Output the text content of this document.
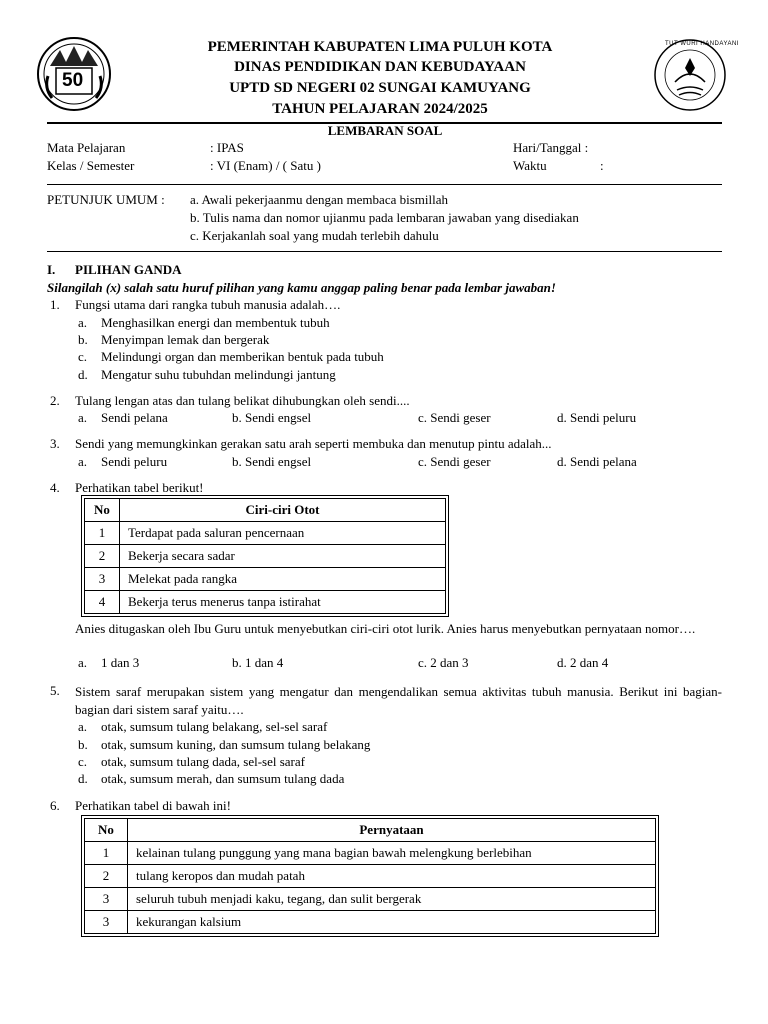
50
TUT WURI HANDAYANI
PEMERINTAH KABUPATEN LIMA PULUH KOTA
DINAS PENDIDIKAN DAN KEBUDAYAAN
UPTD SD NEGERI 02 SUNGAI KAMUYANG
TAHUN PELAJARAN 2024/2025
LEMBARAN SOAL
Mata Pelajaran	: IPAS
Kelas / Semester	: VI (Enam) / ( Satu )
Hari/Tanggal :
Waktu	:
PETUNJUK UMUM : a. Awali pekerjaanmu dengan membaca bismillah
b. Tulis nama dan nomor ujianmu pada lembaran jawaban yang disediakan
c. Kerjakanlah soal yang mudah terlebih dahulu
I. PILIHAN GANDA
Silangilah (x) salah satu huruf pilihan yang kamu anggap paling benar pada lembar jawaban!
1. Fungsi utama dari rangka tubuh manusia adalah….
a. Menghasilkan energi dan membentuk tubuh
b. Menyimpan lemak dan bergerak
c. Melindungi organ dan memberikan bentuk pada tubuh
d. Mengatur suhu tubuhdan melindungi jantung
2. Tulang lengan atas dan tulang belikat dihubungkan oleh sendi....
a. Sendi pelana	b. Sendi engsel	c. Sendi geser	d. Sendi peluru
3. Sendi yang memungkinkan gerakan satu arah seperti membuka dan menutup pintu adalah...
a. Sendi peluru	b. Sendi engsel	c. Sendi geser	d. Sendi pelana
4. Perhatikan tabel berikut!
No	Ciri-ciri Otot
1	Terdapat pada saluran pencernaan
2	Bekerja secara sadar
3	Melekat pada rangka
4	Bekerja terus menerus tanpa istirahat
Anies ditugaskan oleh Ibu Guru untuk menyebutkan ciri-ciri otot lurik. Anies harus menyebutkan pernyataan nomor….
a. 1 dan 3	b. 1 dan 4	c. 2 dan 3	d. 2 dan 4
5. Sistem saraf merupakan sistem yang mengatur dan mengendalikan semua aktivitas tubuh manusia. Berikut ini bagian-bagian dari sistem saraf yaitu….
a. otak, sumsum tulang belakang, sel-sel saraf
b. otak, sumsum kuning, dan sumsum tulang belakang
c. otak, sumsum tulang dada, sel-sel saraf
d. otak, sumsum merah, dan sumsum tulang dada
6. Perhatikan tabel di bawah ini!
No	Pernyataan
1	kelainan tulang punggung yang mana bagian bawah melengkung berlebihan
2	tulang keropos dan mudah patah
3	seluruh tubuh menjadi kaku, tegang, dan sulit bergerak
3	kekurangan kalsium
